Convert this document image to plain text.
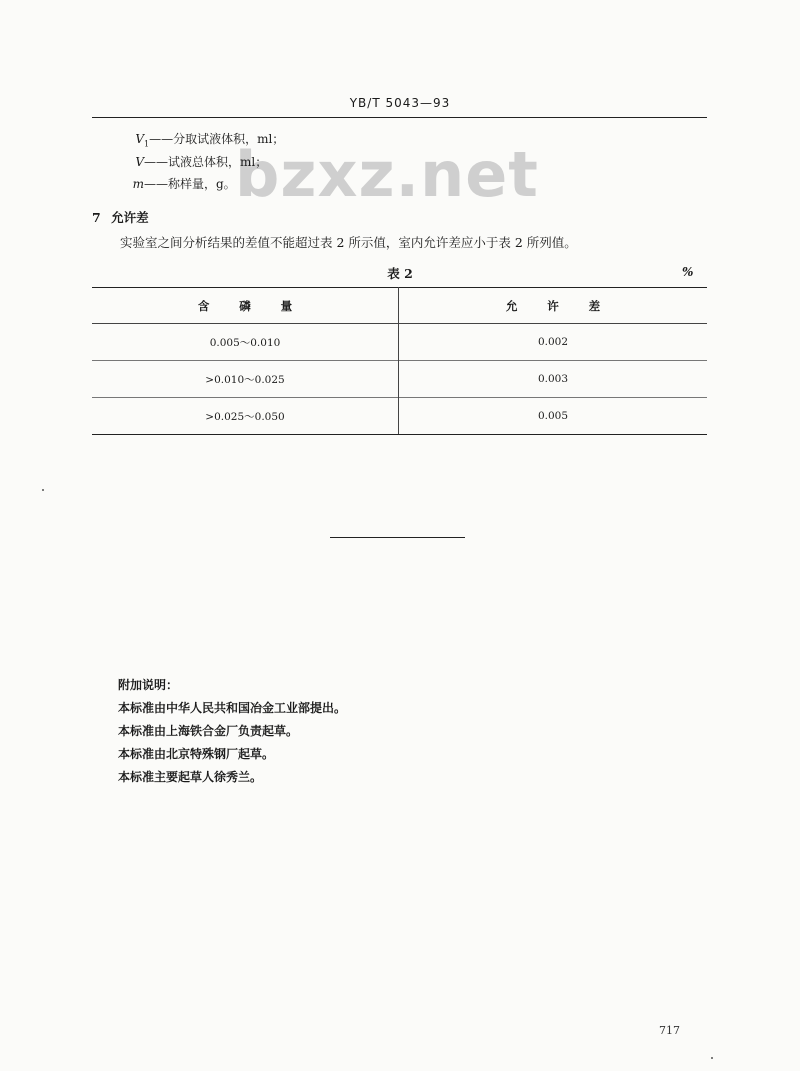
YB/T 5043—93
bzxz.net
$V_1——$分取试液体积，ml；
V——试液总体积，ml；
m——称样量，g。
7 允许差
实验室之间分析结果的差值不能超过表 2 所示值，室内允许差应小于表 2 所列值。
表 2	%
含磷量	允许差
0.005～0.010	0.002
>0.010～0.025	0.003
>0.025～0.050	0.005
附加说明：
本标准由中华人民共和国冶金工业部提出。
本标准由上海铁合金厂负责起草。
本标准由北京特殊钢厂起草。
本标准主要起草人徐秀兰。
717
